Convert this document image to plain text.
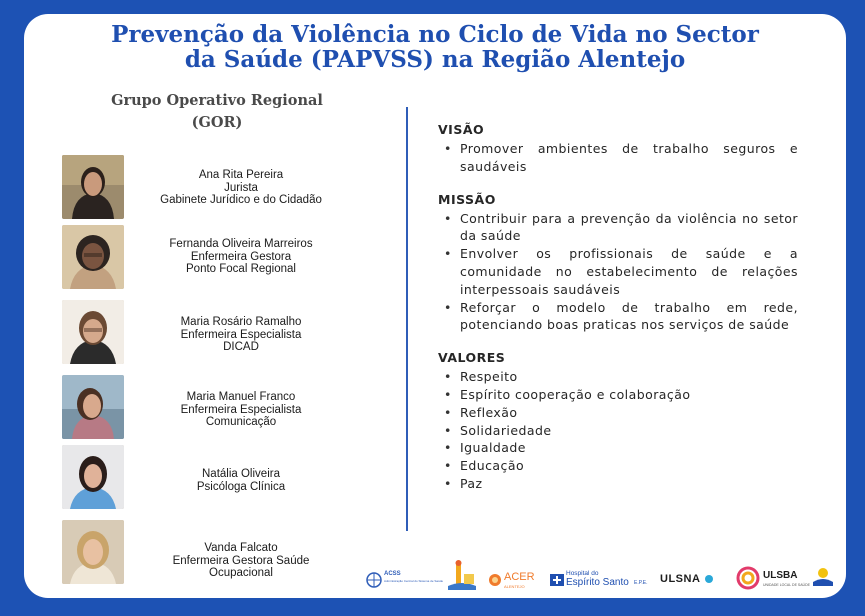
Prevenção da Violência no Ciclo de Vida no Sector
da Saúde (PAPVSS) na Região Alentejo
Grupo Operativo Regional
(GOR)
Ana Rita Pereira
Jurista
Gabinete Jurídico e do Cidadão
Fernanda Oliveira Marreiros
Enfermeira Gestora
Ponto Focal Regional
Maria Rosário Ramalho
Enfermeira Especialista
DICAD
Maria Manuel Franco
Enfermeira Especialista
Comunicação
Natália Oliveira
Psicóloga Clínica
Vanda Falcato
Enfermeira Gestora Saúde
Ocupacional
VISÃO
• Promover ambientes de trabalho seguros e saudáveis
MISSÃO
• Contribuir para a prevenção da violência no setor da saúde
• Envolver os profissionais de saúde e a comunidade no estabelecimento de relações interpessoais saudáveis
• Reforçar o modelo de trabalho em rede, potenciando boas praticas nos serviços de saúde
VALORES
• Respeito
• Espírito cooperação e colaboração
• Reflexão
• Solidariedade
• Igualdade
• Educação
• Paz
ACSS
Administração Central do Sistema de Saúde	ACER
ALENTEJO
Hospital do
Espírito Santo E.P.E. ULSNA	ULSBA
UNIDADE LOCAL DE SAÚDE
